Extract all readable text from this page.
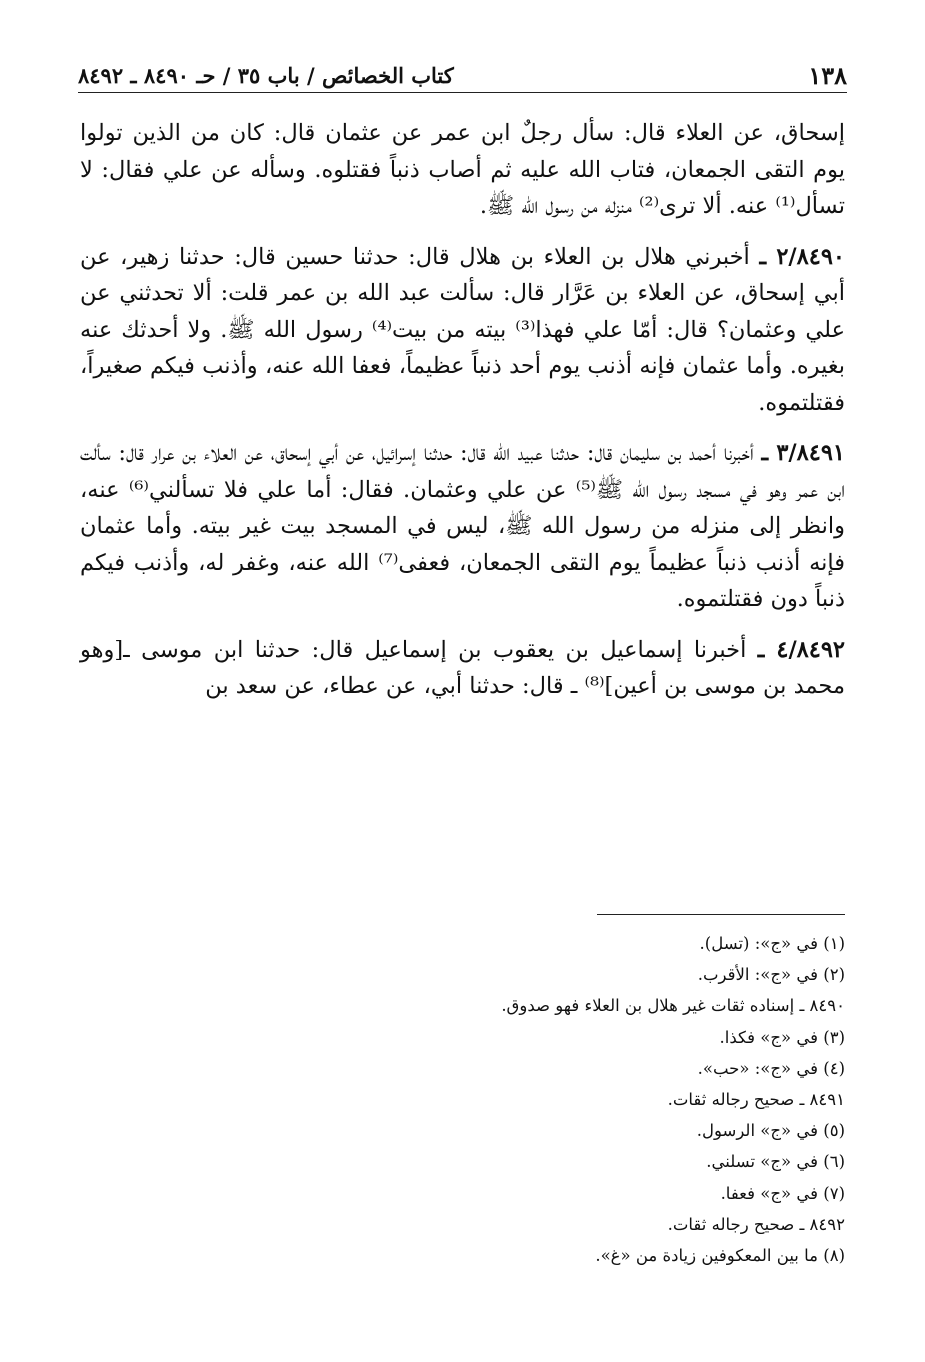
١٣٨
كتاب الخصائص / باب ٣٥ / حـ ٨٤٩٠ ـ ٨٤٩٢

إسحاق، عن العلاء قال: سأل رجلٌ ابن عمر عن عثمان قال: كان من الذين تولوا يوم التقى الجمعان، فتاب الله عليه ثم أصاب ذنباً فقتلوه. وسأله عن علي فقال: لا تسأل⁽¹⁾ عنه. ألا ترى⁽²⁾ منزله من رسول الله ﷺ.

٢/٨٤٩٠ ـ أخبرني هلال بن العلاء بن هلال قال: حدثنا حسين قال: حدثنا زهير، عن أبي إسحاق، عن العلاء بن عَرَّار قال: سألت عبد الله بن عمر قلت: ألا تحدثني عن علي وعثمان؟ قال: أمّا علي فهذا⁽³⁾ بيته من بيت⁽⁴⁾ رسول الله ﷺ. ولا أحدثك عنه بغيره. وأما عثمان فإنه أذنب يوم أحد ذنباً عظيماً، فعفا الله عنه، وأذنب فيكم صغيراً، فقتلتموه.

٣/٨٤٩١ ـ أخبرنا أحمد بن سليمان قال: حدثنا عبيد الله قال: حدثنا إسرائيل، عن أبي إسحاق، عن العلاء بن عرار قال: سألت ابن عمر وهو في مسجد رسول الله ﷺ⁽⁵⁾ عن علي وعثمان. فقال: أما علي فلا تسألني⁽⁶⁾ عنه، وانظر إلى منزله من رسول الله ﷺ، ليس في المسجد بيت غير بيته. وأما عثمان فإنه أذنب ذنباً عظيماً يوم التقى الجمعان، فعفى⁽⁷⁾ الله عنه، وغفر له، وأذنب فيكم ذنباً دون فقتلتموه.

٤/٨٤٩٢ ـ أخبرنا إسماعيل بن يعقوب بن إسماعيل قال: حدثنا ابن موسى ـ[وهو محمد بن موسى بن أعين]⁽⁸⁾ ـ قال: حدثنا أبي، عن عطاء، عن سعد بن

(١) في «ج»: (تسل).
(٢) في «ج»: الأقرب.
٨٤٩٠ ـ إسناده ثقات غير هلال بن العلاء فهو صدوق.
(٣) في «ج» فكذا.
(٤) في «ج»: «حب».
٨٤٩١ ـ صحيح رجاله ثقات.
(٥) في «ج» الرسول.
(٦) في «ج» تسلني.
(٧) في «ج» فعفا.
٨٤٩٢ ـ صحيح رجاله ثقات.
(٨) ما بين المعكوفين زيادة من «غ».
